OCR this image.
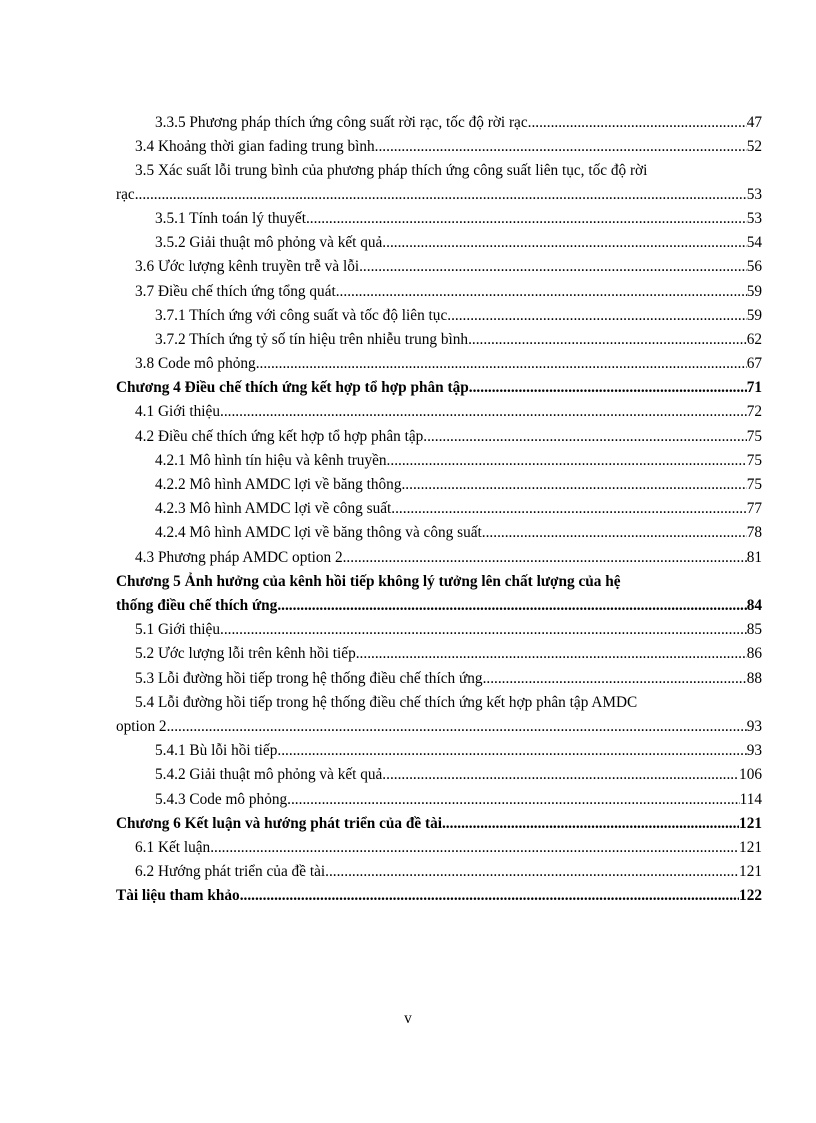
3.3.5 Phương pháp thích ứng công suất rời rạc, tốc độ rời rạc .....	47
3.4 Khoảng thời gian fading trung bình .....	52
3.5 Xác suất lỗi trung bình của phương pháp thích ứng công suất liên tục, tốc độ rời
rạc .....	53
3.5.1 Tính toán lý thuyết .....	53
3.5.2 Giải thuật mô phỏng và kết quả .....	54
3.6 Ước lượng kênh truyền trễ và lỗi .....	56
3.7 Điều chế thích ứng tổng quát .....	59
3.7.1 Thích ứng với công suất và tốc độ liên tục .....	59
3.7.2 Thích ứng tỷ số tín hiệu trên nhiễu trung bình .....	62
3.8 Code mô phỏng .....	67
Chương 4 Điều chế thích ứng kết hợp tổ hợp phân tập .....	71
4.1 Giới thiệu .....	72
4.2 Điều chế thích ứng kết hợp tổ hợp phân tập .....	75
4.2.1 Mô hình tín hiệu và kênh truyền .....	75
4.2.2 Mô hình AMDC lợi về băng thông .....	75
4.2.3 Mô hình AMDC lợi về công suất .....	77
4.2.4 Mô hình AMDC lợi về băng thông và công suất .....	78
4.3 Phương pháp AMDC option 2 .....	81
Chương 5 Ảnh hưởng của kênh hồi tiếp không lý tưởng lên chất lượng của hệ
thống điều chế thích ứng .....	84
5.1 Giới thiệu .....	85
5.2 Ước lượng lỗi trên kênh hồi tiếp .....	86
5.3 Lỗi đường hồi tiếp trong hệ thống điều chế thích ứng .....	88
5.4 Lỗi đường hồi tiếp trong hệ thống điều chế thích ứng kết hợp phân tập AMDC
option 2 .....	93
5.4.1 Bù lỗi hồi tiếp .....	93
5.4.2 Giải thuật mô phỏng và kết quả .....	106
5.4.3 Code mô phỏng .....	114
Chương 6 Kết luận và hướng phát triển của đề tài .....	121
6.1 Kết luận .....	121
6.2 Hướng phát triển của đề tài .....	121
Tài liệu tham khảo .....	122
v
